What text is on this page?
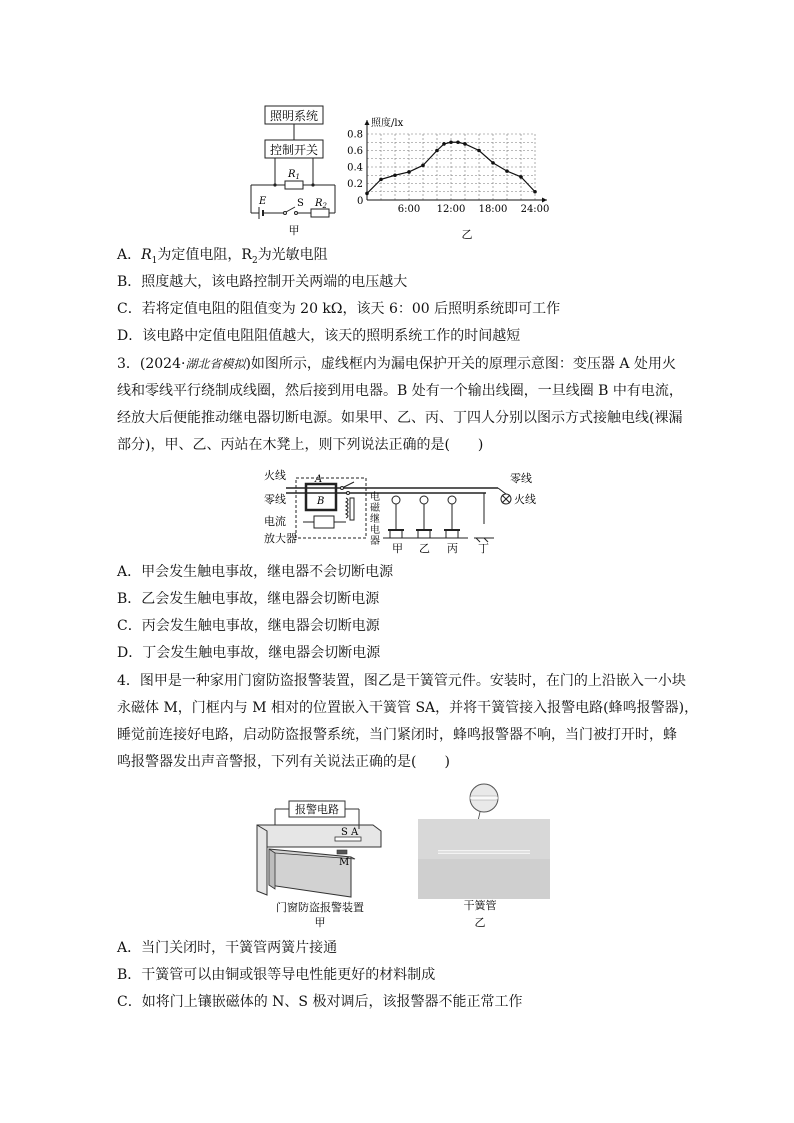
照明系统
控制开关
$R_1$
E	S $R_2$
甲
照度/lx
0
0.2
0.4
0.6
0.8
6:00 12:00 18:00 24:00
乙
A．$R_1$为定值电阻，$R_2$为光敏电阻
B．照度越大，该电路控制开关两端的电压越大
C．若将定值电阻的阻值变为 20 kΩ，该天 6：00 后照明系统即可工作
D．该电路中定值电阻阻值越大，该天的照明系统工作的时间越短
3．(2024·湖北省模拟)如图所示，虚线框内为漏电保护开关的原理示意图：变压器 A 处用火
线和零线平行绕制成线圈，然后接到用电器。B 处有一个输出线圈，一旦线圈 B 中有电流，
经放大后便能推动继电器切断电源。如果甲、乙、丙、丁四人分别以图示方式接触电线(裸漏
部分)，甲、乙、丙站在木凳上，则下列说法正确的是(　　)
火线
零线
电流
放大器
A
B	电
磁
继
电
器
甲 乙 丙 丁
零线
火线
A．甲会发生触电事故，继电器不会切断电源
B．乙会发生触电事故，继电器会切断电源
C．丙会发生触电事故，继电器会切断电源
D．丁会发生触电事故，继电器会切断电源
4．图甲是一种家用门窗防盗报警装置，图乙是干簧管元件。安装时，在门的上沿嵌入一小块
永磁体 M，门框内与 M 相对的位置嵌入干簧管 SA，并将干簧管接入报警电路(蜂鸣报警器)，
睡觉前连接好电路，启动防盗报警系统，当门紧闭时，蜂鸣报警器不响，当门被打开时，蜂
鸣报警器发出声音警报，下列有关说法正确的是(　　)
报警电路
S A
M
门窗防盗报警装置
甲
干簧管
乙
A．当门关闭时，干簧管两簧片接通
B．干簧管可以由铜或银等导电性能更好的材料制成
C．如将门上镶嵌磁体的 N、S 极对调后，该报警器不能正常工作
